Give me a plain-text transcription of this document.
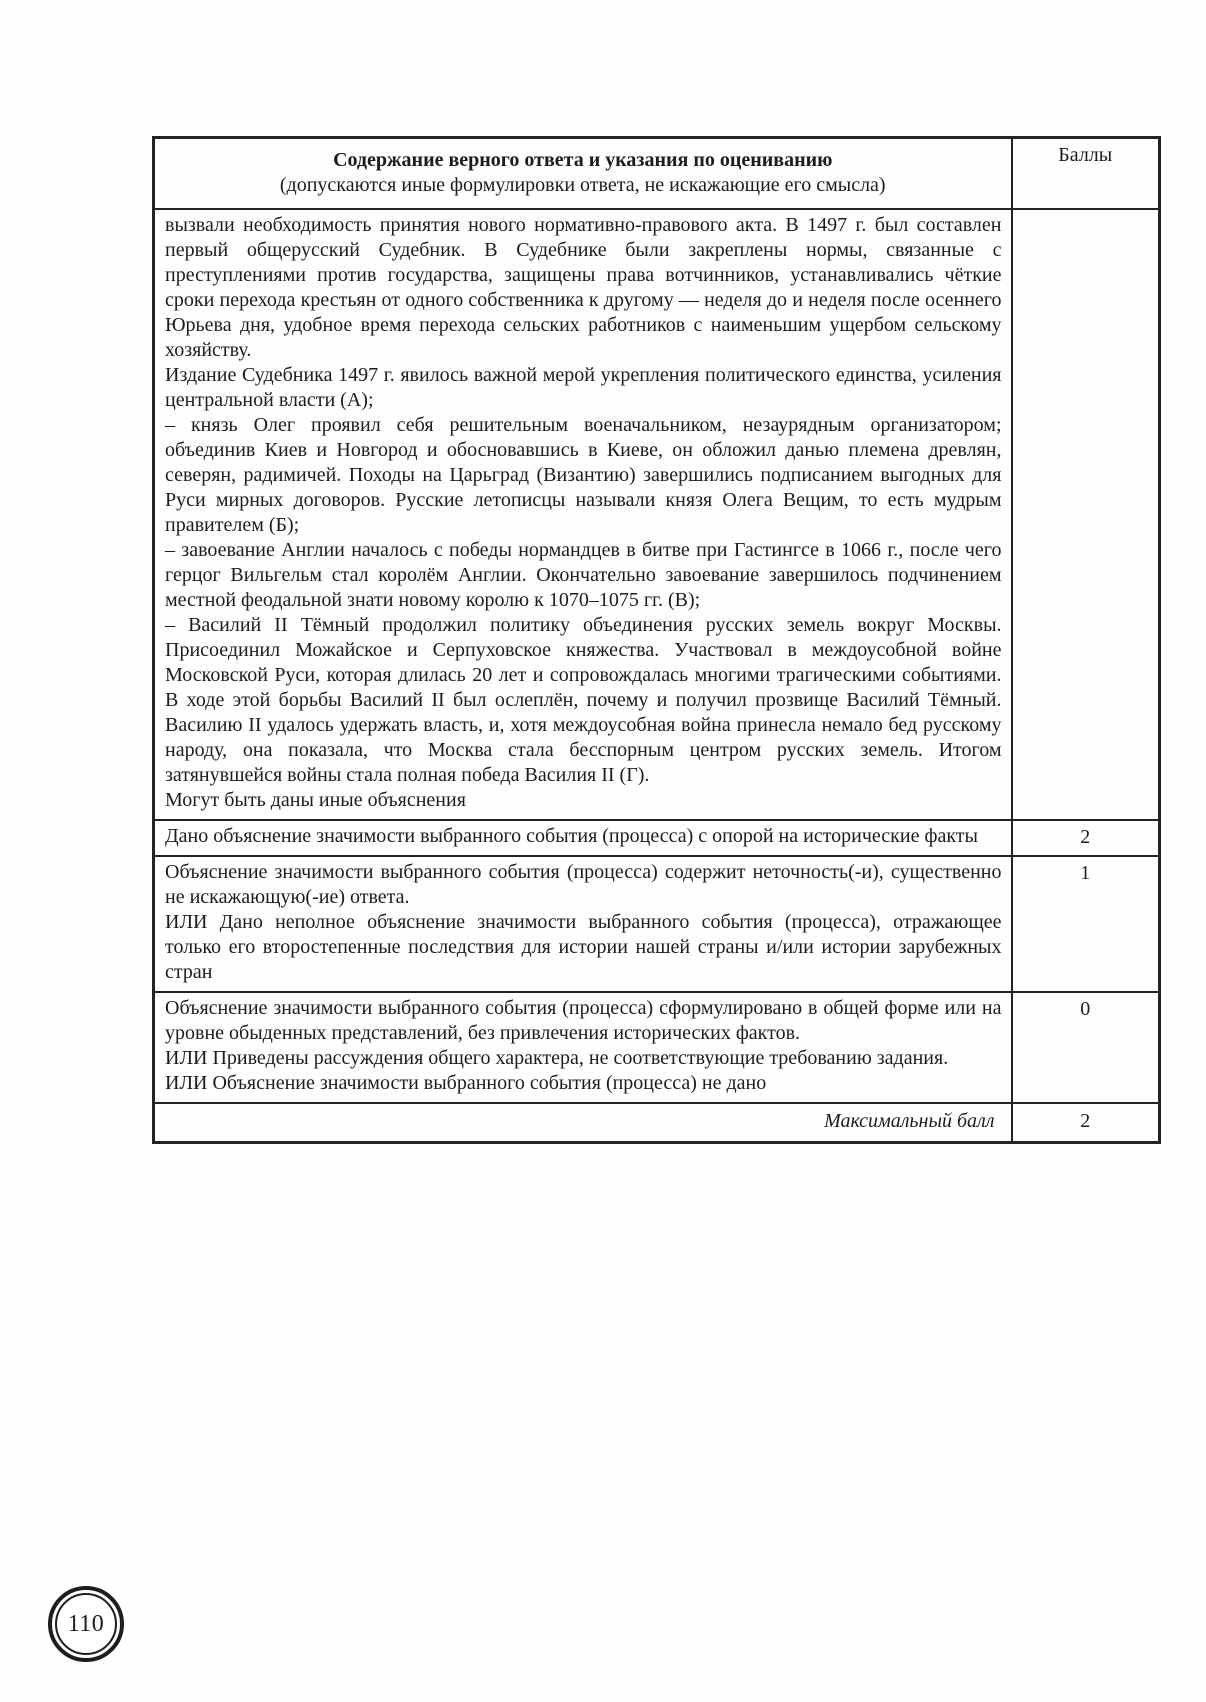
Содержание верного ответа и указания по оцениванию
(допускаются иные формулировки ответа, не искажающие его смысла)	Баллы

вызвали необходимость принятия нового нормативно-правового акта. В 1497 г. был составлен первый общерусский Судебник. В Судебнике были закреплены нормы, связанные с преступлениями против государства, защищены права вотчинников, устанавливались чёткие сроки перехода крестьян от одного собственника к другому — неделя до и неделя после осеннего Юрьева дня, удобное время перехода сельских работников с наименьшим ущербом сельскому хозяйству.

Издание Судебника 1497 г. явилось важной мерой укрепления политического единства, усиления центральной власти (А);

– князь Олег проявил себя решительным военачальником, незаурядным организатором; объединив Киев и Новгород и обосновавшись в Киеве, он обложил данью племена древлян, северян, радимичей. Походы на Царьград (Византию) завершились подписанием выгодных для Руси мирных договоров. Русские летописцы называли князя Олега Вещим, то есть мудрым правителем (Б);

– завоевание Англии началось с победы нормандцев в битве при Гастингсе в 1066 г., после чего герцог Вильгельм стал королём Англии. Окончательно завоевание завершилось подчинением местной феодальной знати новому королю к 1070–1075 гг. (В);

– Василий II Тёмный продолжил политику объединения русских земель вокруг Москвы. Присоединил Можайское и Серпуховское княжества. Участвовал в междоусобной войне Московской Руси, которая длилась 20 лет и сопровождалась многими трагическими событиями. В ходе этой борьбы Василий II был ослеплён, почему и получил прозвище Василий Тёмный. Василию II удалось удержать власть, и, хотя междоусобная война принесла немало бед русскому народу, она показала, что Москва стала бесспорным центром русских земель. Итогом затянувшейся войны стала полная победа Василия II (Г).

Могут быть даны иные объяснения

Дано объяснение значимости выбранного события (процесса) с опорой на исторические факты	2

Объяснение значимости выбранного события (процесса) содержит неточность(-и), существенно не искажающую(-ие) ответа.

ИЛИ Дано неполное объяснение значимости выбранного события (процесса), отражающее только его второстепенные последствия для истории нашей страны и/или истории зарубежных стран	1

Объяснение значимости выбранного события (процесса) сформулировано в общей форме или на уровне обыденных представлений, без привлечения исторических фактов.

ИЛИ Приведены рассуждения общего характера, не соответствующие требованию задания.

ИЛИ Объяснение значимости выбранного события (процесса) не дано	0
Максимальный балл	2
110
